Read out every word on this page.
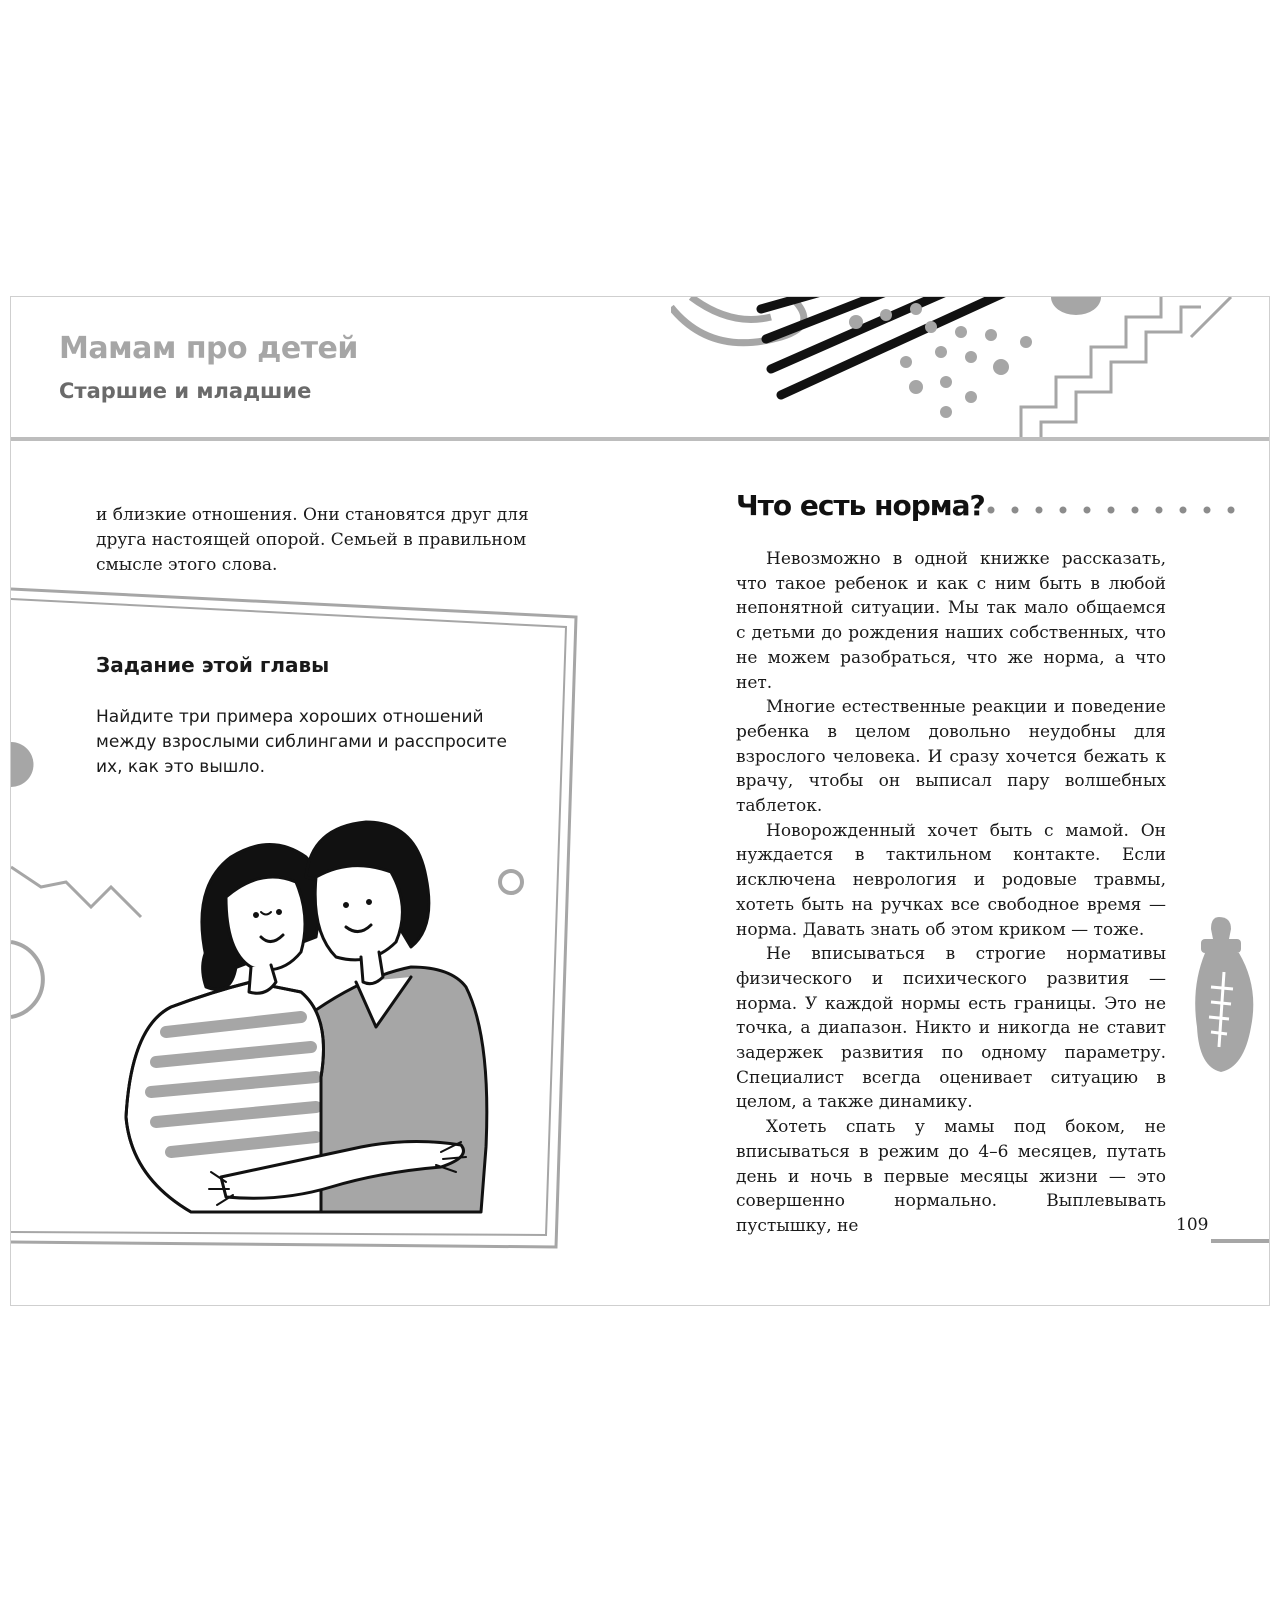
Мамам про детей
Старшие и младшие

и близкие отношения. Они становятся друг для друга настоящей опорой. Семьей в правильном смысле этого слова.

Задание этой главы

Найдите три примера хороших отношений между взрослыми сиблингами и расспросите их, как это вышло.

Что есть норма?

Невозможно в одной книжке рассказать, что такое ребенок и как с ним быть в любой непонятной ситуации. Мы так мало общаемся с детьми до рождения наших собственных, что не можем разобраться, что же норма, а что нет.

Многие естественные реакции и поведение ребенка в целом довольно неудобны для взрослого человека. И сразу хочется бежать к врачу, чтобы он выписал пару волшебных таблеток.

Новорожденный хочет быть с мамой. Он нуждается в тактильном контакте. Если исключена неврология и родовые травмы, хотеть быть на ручках все свободное время — норма. Давать знать об этом криком — тоже.

Не вписываться в строгие нормативы физического и психического развития — норма. У каждой нормы есть границы. Это не точка, а диапазон. Никто и никогда не ставит задержек развития по одному параметру. Специалист всегда оценивает ситуацию в целом, а также динамику.

Хотеть спать у мамы под боком, не вписываться в режим до 4–6 месяцев, путать день и ночь в первые месяцы жизни — это совершенно нормально. Выплевывать пустышку, не	109
